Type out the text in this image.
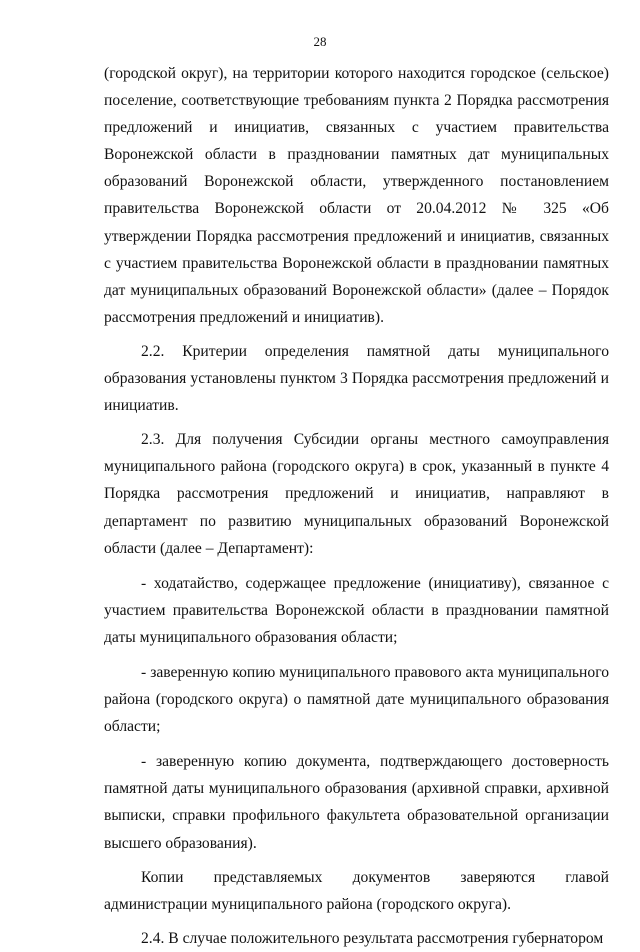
28

(городской округ), на территории которого находится городское (сельское) поселение, соответствующие требованиям пункта 2 Порядка рассмотрения предложений и инициатив, связанных с участием правительства Воронежской области в праздновании памятных дат муниципальных образований Воронежской области, утвержденного постановлением правительства Воронежской области от 20.04.2012 № 325 «Об утверждении Порядка рассмотрения предложений и инициатив, связанных с участием правительства Воронежской области в праздновании памятных дат муниципальных образований Воронежской области» (далее – Порядок рассмотрения предложений и инициатив).

2.2. Критерии определения памятной даты муниципального образования установлены пунктом 3 Порядка рассмотрения предложений и инициатив.

2.3. Для получения Субсидии органы местного самоуправления муниципального района (городского округа) в срок, указанный в пункте 4 Порядка рассмотрения предложений и инициатив, направляют в департамент по развитию муниципальных образований Воронежской области (далее – Департамент):

- ходатайство, содержащее предложение (инициативу), связанное с участием правительства Воронежской области в праздновании памятной даты муниципального образования области;

- заверенную копию муниципального правового акта муниципального района (городского округа) о памятной дате муниципального образования области;

- заверенную копию документа, подтверждающего достоверность памятной даты муниципального образования (архивной справки, архивной выписки, справки профильного факультета образовательной организации высшего образования).

Копии представляемых документов заверяются главой администрации муниципального района (городского округа).

2.4. В случае положительного результата рассмотрения губернатором
